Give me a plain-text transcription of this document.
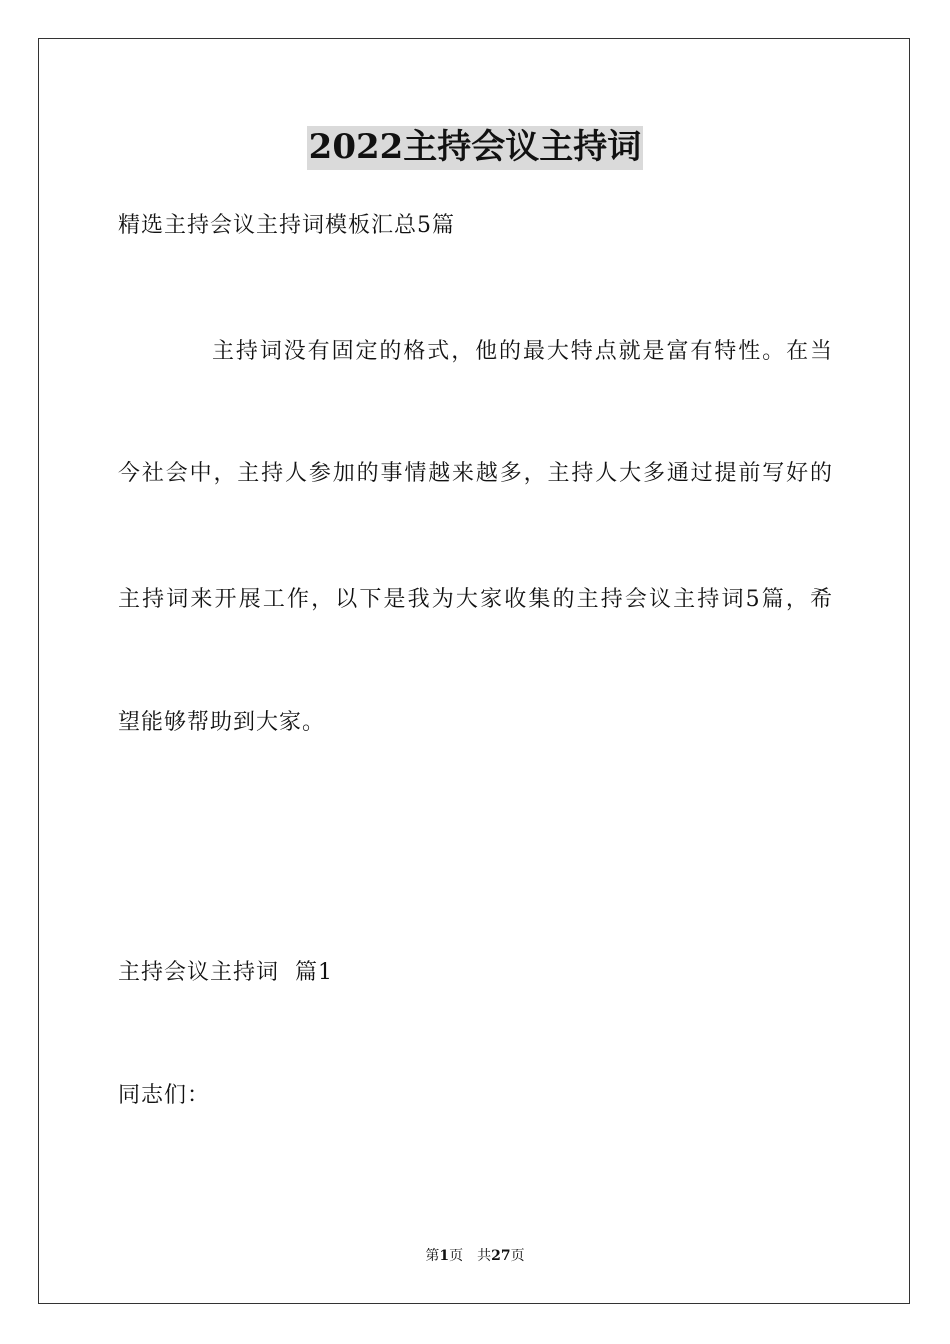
2022主持会议主持词
精选主持会议主持词模板汇总5篇
主持词没有固定的格式，他的最大特点就是富有特性。在当
今社会中，主持人参加的事情越来越多，主持人大多通过提前写好的
主持词来开展工作，以下是我为大家收集的主持会议主持词5篇，希
望能够帮助到大家。
主持会议主持词  篇1
同志们：
第1页 共27页
